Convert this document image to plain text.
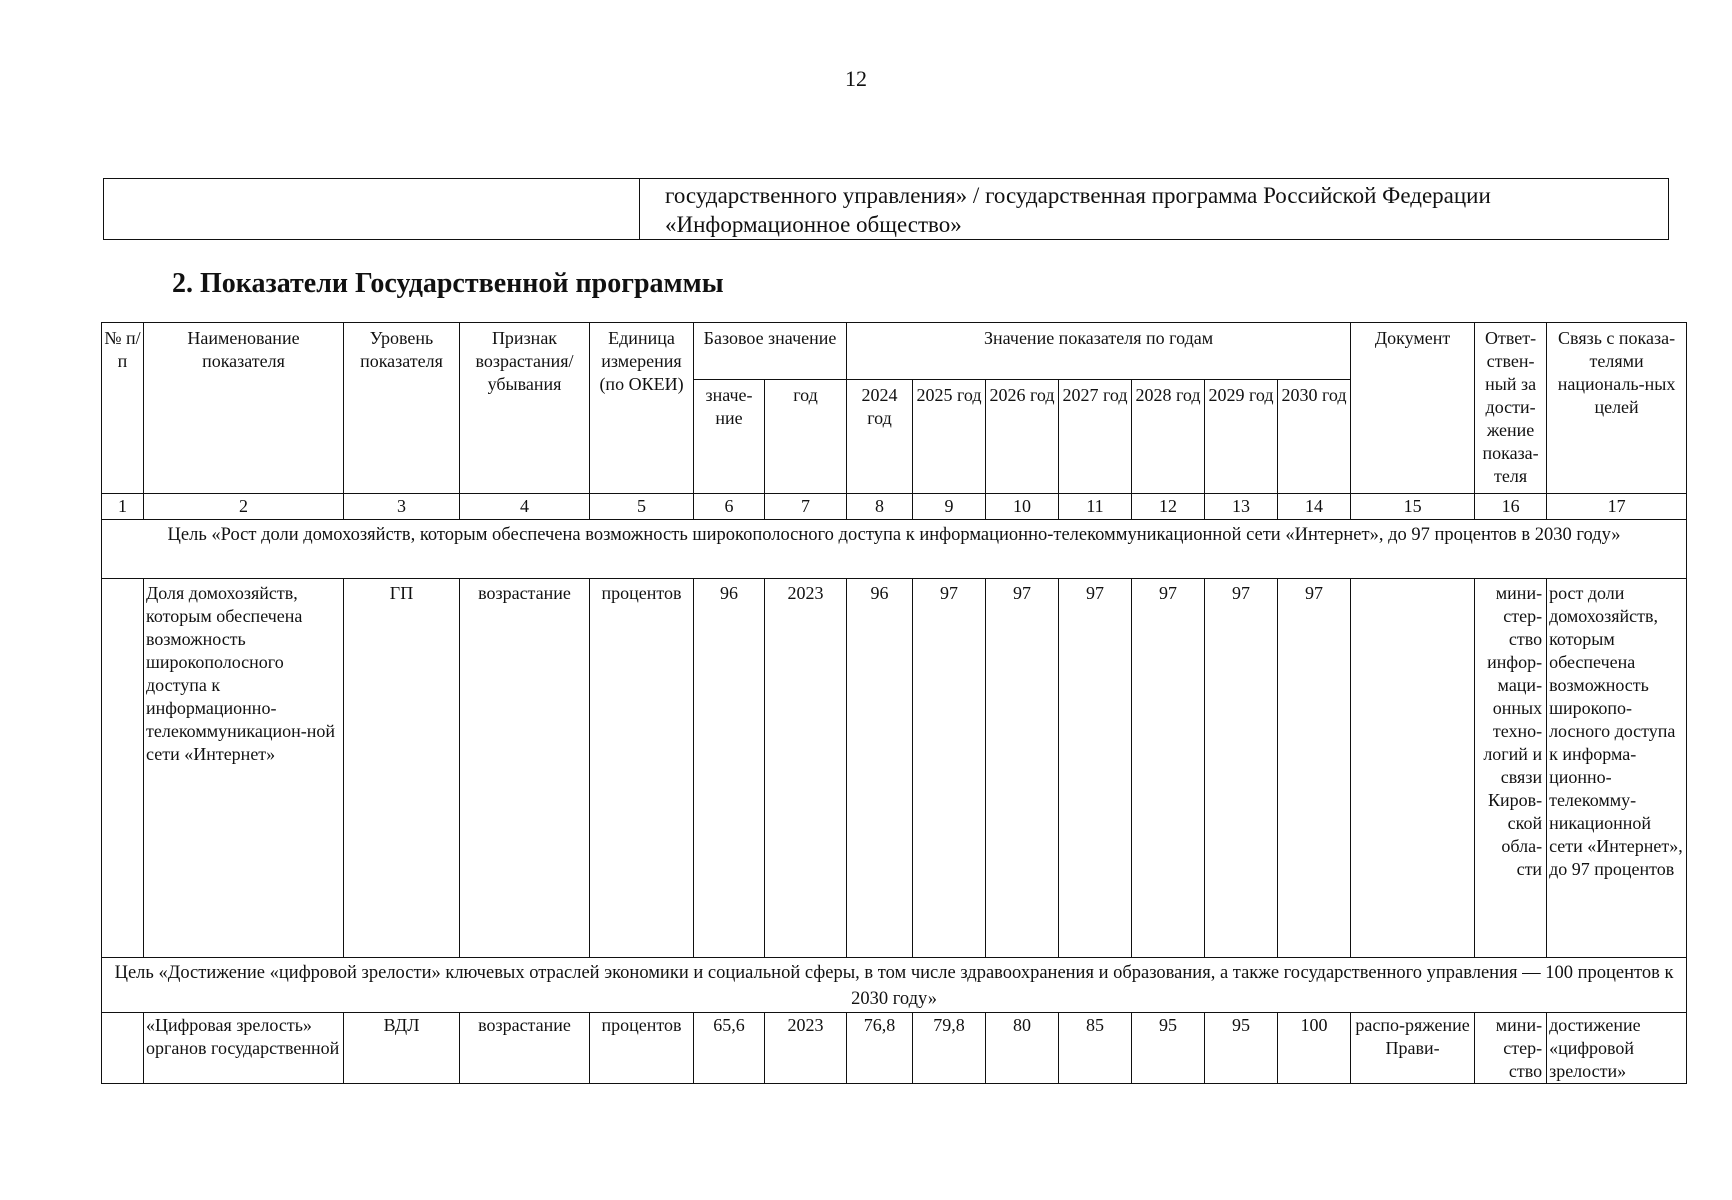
12

государственного управления» / государственная программа Российской Федерации
«Информационное общество»
2. Показатели Государственной программы
№ п/п	Наименование показателя	Уровень показателя	Признак возрастания/ убывания	Единица измерения (по ОКЕИ)	Базовое значение		Значение показателя по годам							Документ	Ответ-ствен-ный за дости-жение показа-теля	Связь с показа-телями националь-ных целей
					значе-ние	год	2024 год	2025 год	2026 год	2027 год	2028 год	2029 год	2030 год			
1	2	3	4	5	6	7	8	9	10	11	12	13	14	15	16	17
Цель «Рост доли домохозяйств, которым обеспечена возможность широкополосного доступа к информационно-телекоммуникационной сети «Интернет», до 97 процентов в 2030 году»																
	Доля домохозяйств, которым обеспечена возможность широкополосного доступа к информационно-телекоммуникацион-ной сети «Интернет»	ГП	возрастание	процентов	96	2023	96	97	97	97	97	97	97		мини-стер-ство инфор-маци-онных техно-логий и связи Киров-ской обла-сти	рост доли домохозяйств, которым обеспечена возможность широкопо-лосного доступа к информа-ционно-телекомму-никационной сети «Интернет», до 97 процентов
Цель «Достижение «цифровой зрелости» ключевых отраслей экономики и социальной сферы, в том числе здравоохранения и образования, а также государственного управления — 100 процентов к 2030 году»																
	«Цифровая зрелость» органов государственной	ВДЛ	возрастание	процентов	65,6	2023	76,8	79,8	80	85	95	95	100	распо-ряжение Прави-	мини-стер-ство	достижение «цифровой зрелости»
